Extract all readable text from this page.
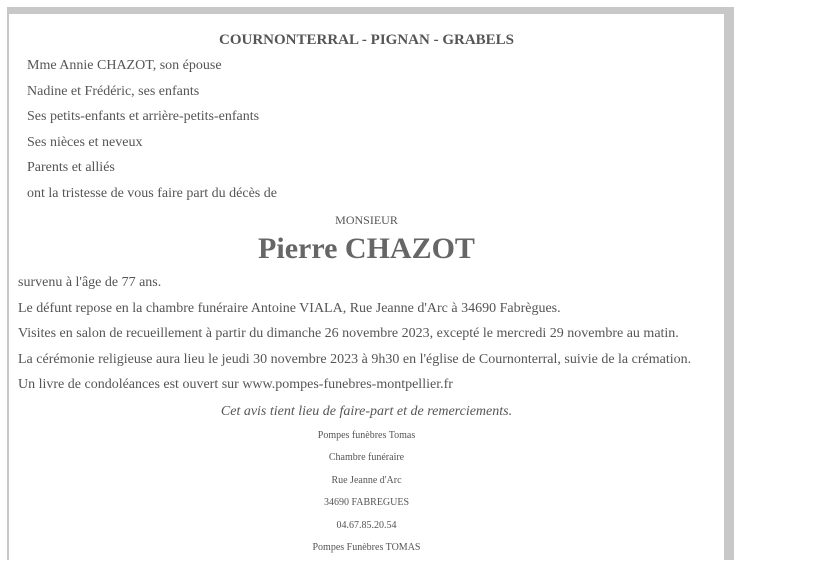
COURNONTERRAL - PIGNAN - GRABELS
Mme Annie CHAZOT, son épouse
Nadine et Frédéric, ses enfants
Ses petits-enfants et arrière-petits-enfants
Ses nièces et neveux
Parents et alliés
ont la tristesse de vous faire part du décès de
MONSIEUR
Pierre CHAZOT
survenu à l'âge de 77 ans.
Le défunt repose en la chambre funéraire Antoine VIALA, Rue Jeanne d'Arc à 34690 Fabrègues.
Visites en salon de recueillement à partir du dimanche 26 novembre 2023, excepté le mercredi 29 novembre au matin.
La cérémonie religieuse aura lieu le jeudi 30 novembre 2023 à 9h30 en l'église de Cournonterral, suivie de la crémation.
Un livre de condoléances est ouvert sur www.pompes-funebres-montpellier.fr
Cet avis tient lieu de faire-part et de remerciements.
Pompes funèbres Tomas
Chambre funéraire
Rue Jeanne d'Arc
34690 FABREGUES
04.67.85.20.54
Pompes Funèbres TOMAS
